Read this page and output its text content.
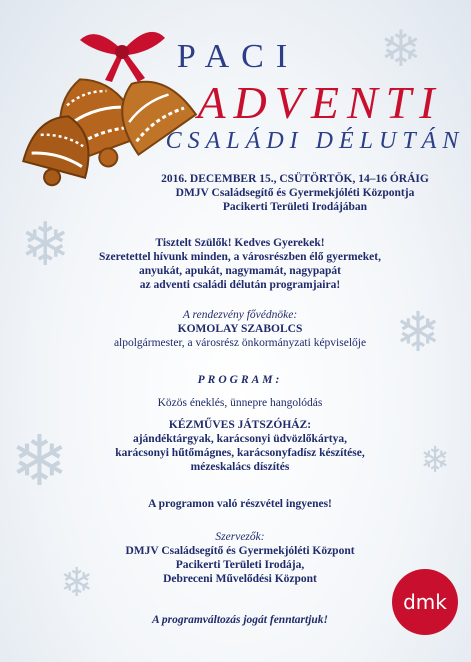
❄
❄
❄
❄
❄
❄
PACI
ADVENTI
CSALÁDI DÉLUTÁN
2016. DECEMBER 15., CSÜTÖRTÖK, 14–16 ÓRÁIG
DMJV Családsegítő és Gyermekjóléti Központja
Pacikerti Területi Irodájában
Tisztelt Szülők! Kedves Gyerekek!
Szeretettel hívunk minden, a városrészben élő gyermeket,
anyukát, apukát, nagymamát, nagypapát
az adventi családi délután programjaira!
A rendezvény fővédnöke:
KOMOLAY SZABOLCS
alpolgármester, a városrész önkormányzati képviselője
PROGRAM:
Közös éneklés, ünnepre hangolódás
KÉZMŰVES JÁTSZÓHÁZ:
ajándéktárgyak, karácsonyi üdvözlőkártya,
karácsonyi hűtőmágnes, karácsonyfadísz készítése,
mézeskalács díszítés
A programon való részvétel ingyenes!
Szervezők:
DMJV Családsegítő és Gyermekjóléti Központ
Pacikerti Területi Irodája,
Debreceni Művelődési Központ
A programváltozás jogát fenntartjuk!
dmk
